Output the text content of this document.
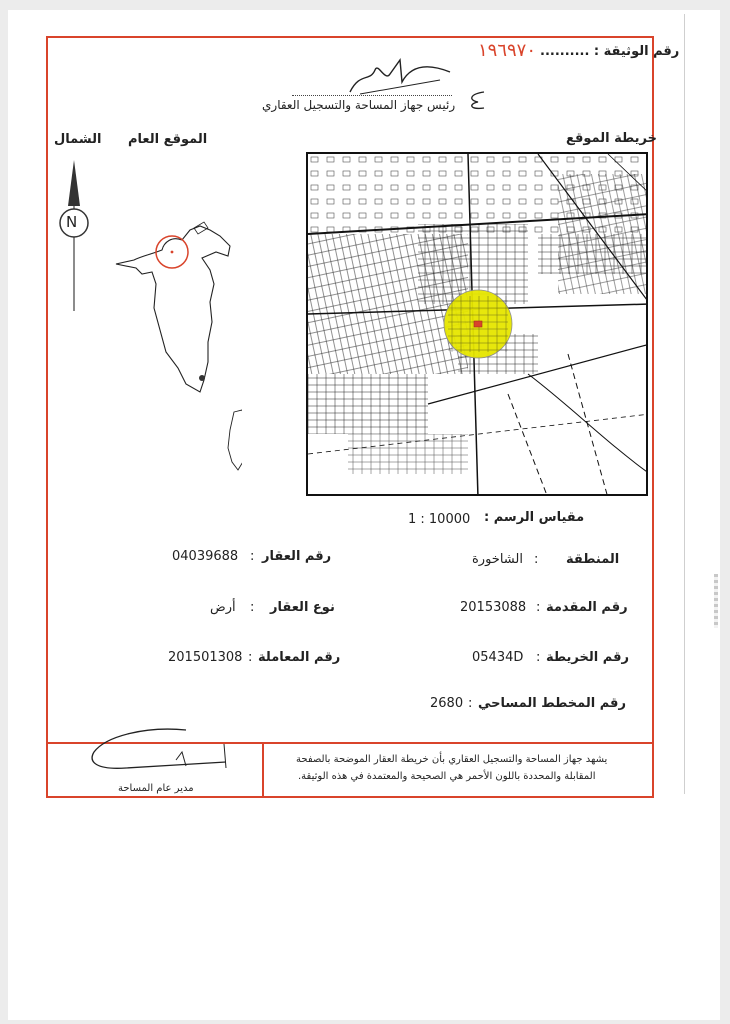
رقم الوثيقة : ..........
١٩٦٩٧٠
رئيس جهاز المساحة والتسجيل العقاري
الشمال الموقع العام
N
خريطة الموقع
مقياس الرسم :
1 : 10000
المنطقة
:
الشاخورة
رقم المقدمة
:
20153088
رقم الخريطة
:
05434D
رقم المخطط المساحي
:
2680
رقم العقار
:
04039688
نوع العقار
:
أرض
رقم المعاملة
:
201501308
يشهد جهاز المساحة والتسجيل العقاري بأن خريطة العقار الموضحة بالصفحة
المقابلة والمحددة باللون الأحمر هي الصحيحة والمعتمدة في هذه الوثيقة.
مدير عام المساحة
